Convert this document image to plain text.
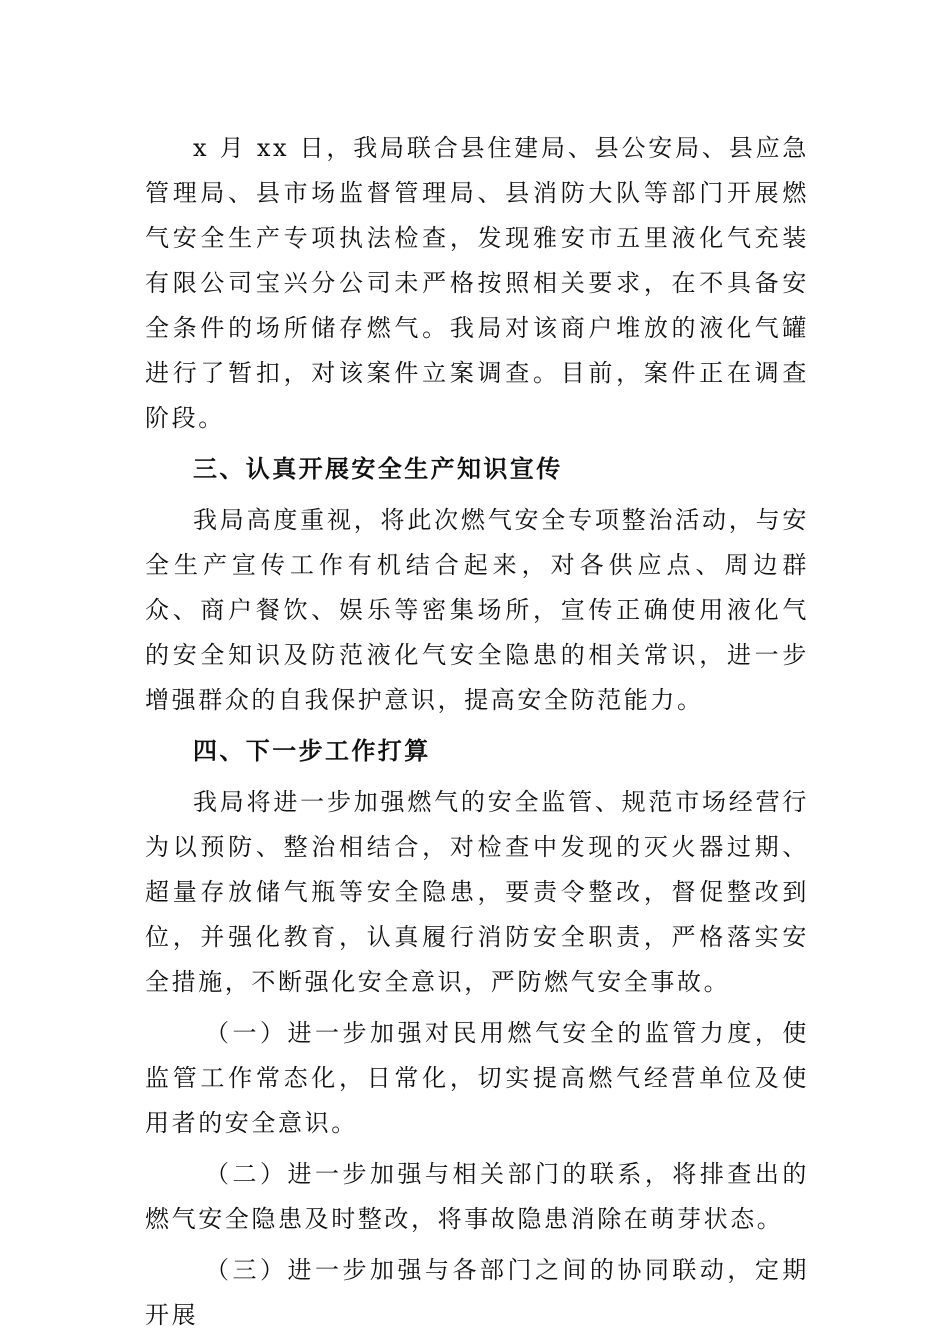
x 月 xx 日，我局联合县住建局、县公安局、县应急管理局、县市场监督管理局、县消防大队等部门开展燃气安全生产专项执法检查，发现雅安市五里液化气充装有限公司宝兴分公司未严格按照相关要求，在不具备安全条件的场所储存燃气。我局对该商户堆放的液化气罐进行了暂扣，对该案件立案调查。目前，案件正在调查阶段。

三、认真开展安全生产知识宣传

我局高度重视，将此次燃气安全专项整治活动，与安全生产宣传工作有机结合起来，对各供应点、周边群众、商户餐饮、娱乐等密集场所，宣传正确使用液化气的安全知识及防范液化气安全隐患的相关常识，进一步增强群众的自我保护意识，提高安全防范能力。

四、下一步工作打算

我局将进一步加强燃气的安全监管、规范市场经营行为以预防、整治相结合，对检查中发现的灭火器过期、超量存放储气瓶等安全隐患，要责令整改，督促整改到位，并强化教育，认真履行消防安全职责，严格落实安全措施，不断强化安全意识，严防燃气安全事故。

（一）进一步加强对民用燃气安全的监管力度，使监管工作常态化，日常化，切实提高燃气经营单位及使用者的安全意识。

（二）进一步加强与相关部门的联系，将排查出的燃气安全隐患及时整改，将事故隐患消除在萌芽状态。

（三）进一步加强与各部门之间的协同联动，定期开展
